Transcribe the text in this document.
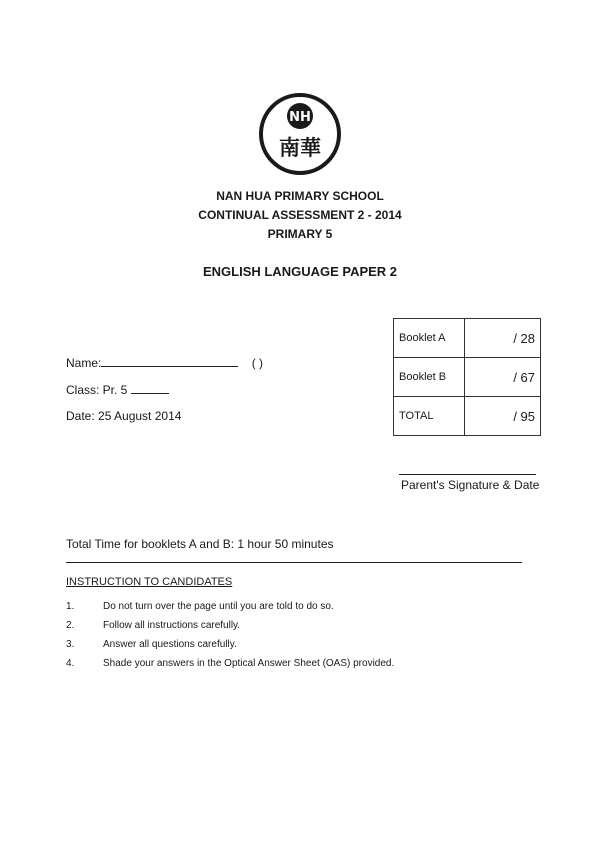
NH
南華
NAN HUA PRIMARY SCHOOL
CONTINUAL ASSESSMENT 2 - 2014
PRIMARY 5
ENGLISH LANGUAGE PAPER 2
Name:	( )
Class: Pr. 5
Date: 25 August 2014
Booklet A	/ 28
Booklet B	/ 67
TOTAL	/ 95
Parent's Signature & Date
Total Time for booklets A and B: 1 hour 50 minutes
INSTRUCTION TO CANDIDATES
1.	Do not turn over the page until you are told to do so.
2.	Follow all instructions carefully.
3.	Answer all questions carefully.
4.	Shade your answers in the Optical Answer Sheet (OAS) provided.
